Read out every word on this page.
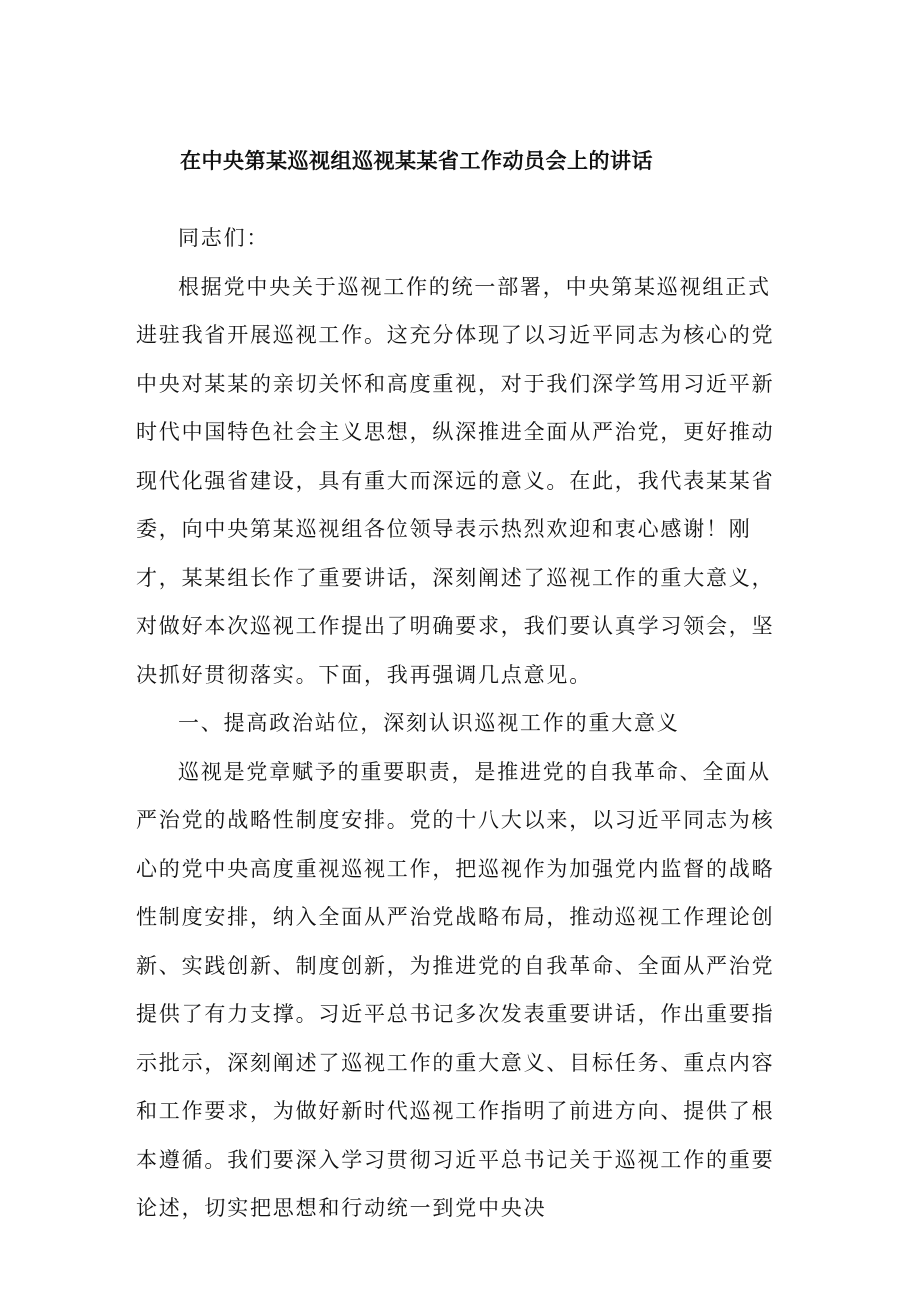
在中央第某巡视组巡视某某省工作动员会上的讲话

同志们：

根据党中央关于巡视工作的统一部署，中央第某巡视组正式进驻我省开展巡视工作。这充分体现了以习近平同志为核心的党中央对某某的亲切关怀和高度重视，对于我们深学笃用习近平新时代中国特色社会主义思想，纵深推进全面从严治党，更好推动现代化强省建设，具有重大而深远的意义。在此，我代表某某省委，向中央第某巡视组各位领导表示热烈欢迎和衷心感谢！刚才，某某组长作了重要讲话，深刻阐述了巡视工作的重大意义，对做好本次巡视工作提出了明确要求，我们要认真学习领会，坚决抓好贯彻落实。下面，我再强调几点意见。

一、提高政治站位，深刻认识巡视工作的重大意义

巡视是党章赋予的重要职责，是推进党的自我革命、全面从严治党的战略性制度安排。党的十八大以来，以习近平同志为核心的党中央高度重视巡视工作，把巡视作为加强党内监督的战略性制度安排，纳入全面从严治党战略布局，推动巡视工作理论创新、实践创新、制度创新，为推进党的自我革命、全面从严治党提供了有力支撑。习近平总书记多次发表重要讲话，作出重要指示批示，深刻阐述了巡视工作的重大意义、目标任务、重点内容和工作要求，为做好新时代巡视工作指明了前进方向、提供了根本遵循。我们要深入学习贯彻习近平总书记关于巡视工作的重要论述，切实把思想和行动统一到党中央决
